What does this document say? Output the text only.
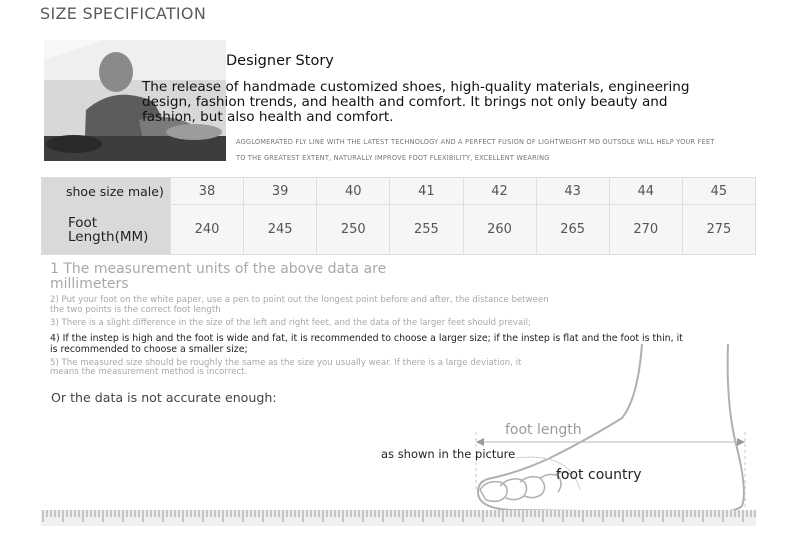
SIZE SPECIFICATION
Designer Story
The release of handmade customized shoes, high-quality materials, engineering design, fashion trends, and health and comfort. It brings not only beauty and fashion, but also health and comfort.
AGGLOMERATED FLY LINE WITH THE LATEST TECHNOLOGY AND A PERFECT FUSION OF LIGHTWEIGHT MD OUTSOLE WILL HELP YOUR FEET
TO THE GREATEST EXTENT, NATURALLY IMPROVE FOOT FLEXIBILITY, EXCELLENT WEARING
shoe size male)	38	39	40	41	42	43	44	45
Foot Length(MM)	240	245	250	255	260	265	270	275
1 The measurement units of the above data are millimeters
2) Put your foot on the white paper, use a pen to point out the longest point before and after, the distance between the two points is the correct foot length
3) There is a slight difference in the size of the left and right feet, and the data of the larger feet should prevail;
4) If the instep is high and the foot is wide and fat, it is recommended to choose a larger size; if the instep is flat and the foot is thin, it is recommended to choose a smaller size;
5) The measured size should be roughly the same as the size you usually wear. If there is a large deviation, it means the measurement method is incorrect.
Or the data is not accurate enough:
foot length
as shown in the picture
foot country
